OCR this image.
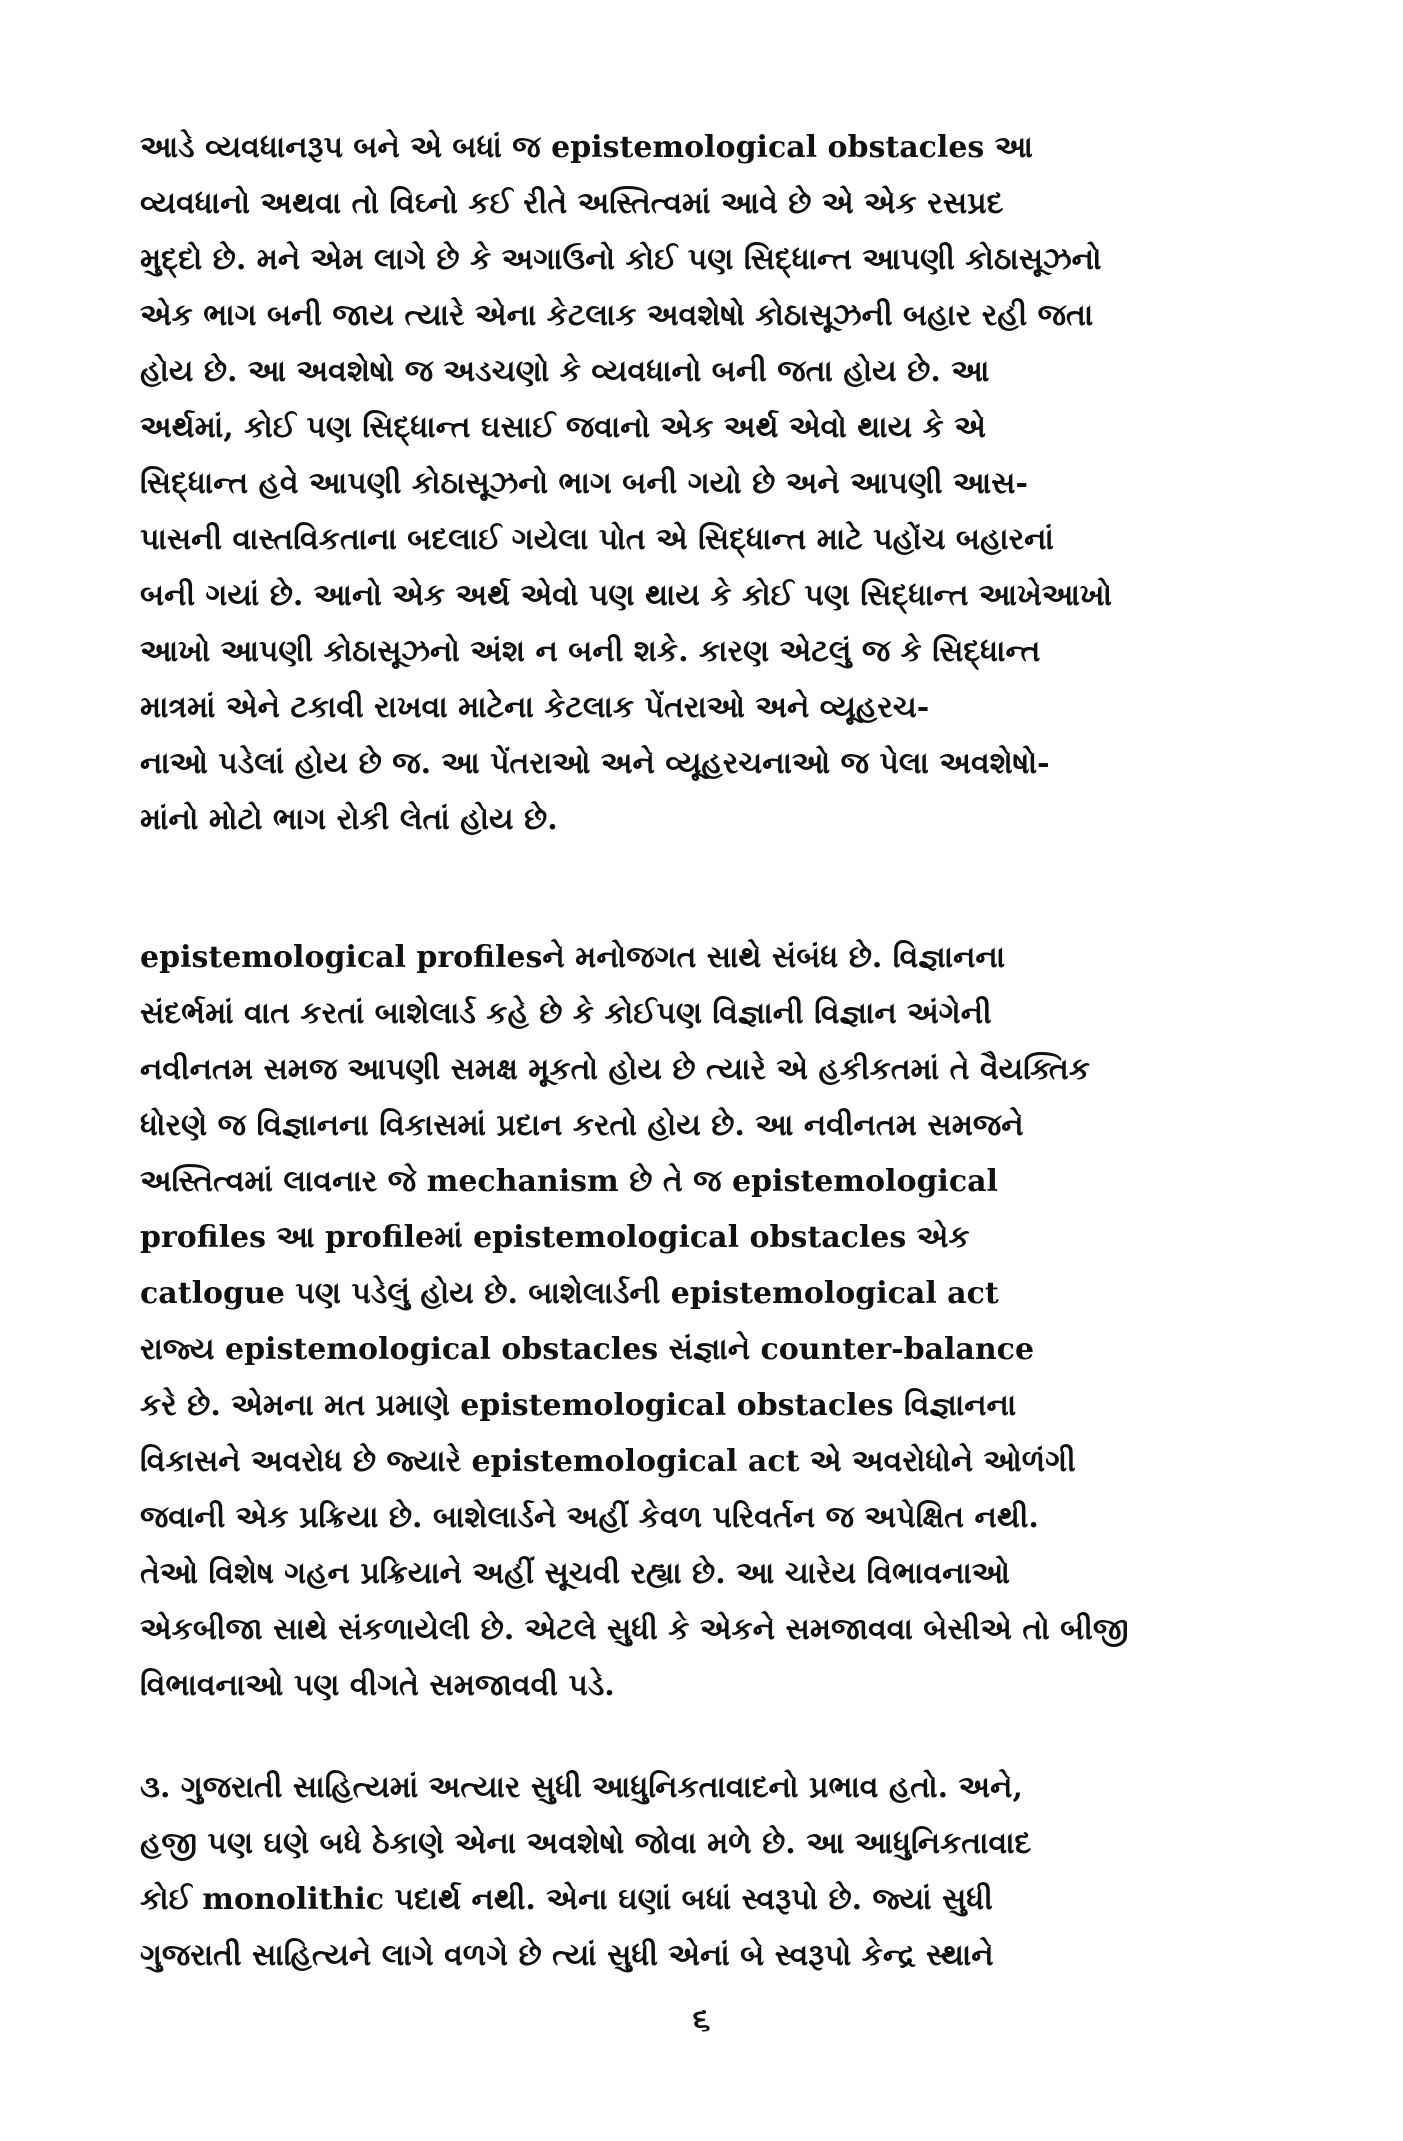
આડે વ્યવધાનરૂપ બને એ બધાં જ epistemological obstacles આ
વ્યવધાનો અથવા તો વિઘ્નો કઈ રીતે અસ્તિત્વમાં આવે છે એ એક રસપ્રદ
મુદ્દો છે. મને એમ લાગે છે કે અગાઉનો કોઈ પણ સિદ્ધાન્ત આપણી કોઠાસૂઝનો
એક ભાગ બની જાય ત્યારે એના કેટલાક અવશેષો કોઠાસૂઝની બહાર રહી જતા
હોય છે. આ અવશેષો જ અડચણો કે વ્યવધાનો બની જતા હોય છે. આ
અર્થમાં, કોઈ પણ સિદ્ધાન્ત ઘસાઈ જવાનો એક અર્થ એવો થાય કે એ
સિદ્ધાન્ત હવે આપણી કોઠાસૂઝનો ભાગ બની ગયો છે અને આપણી આસ-
પાસની વાસ્તવિકતાના બદલાઈ ગયેલા પોત એ સિદ્ધાન્ત માટે પહોંચ બહારનાં
બની ગયાં છે. આનો એક અર્થ એવો પણ થાય કે કોઈ પણ સિદ્ધાન્ત આખેઆખો
આખો આપણી કોઠાસૂઝનો અંશ ન બની શકે. કારણ એટલું જ કે સિદ્ધાન્ત
માત્રમાં એને ટકાવી રાખવા માટેના કેટલાક પેંતરાઓ અને વ્યૂહરચ-
નાઓ પડેલાં હોય છે જ. આ પેંતરાઓ અને વ્યૂહરચનાઓ જ પેલા અવશેષો-
માંનો મોટો ભાગ રોકી લેતાં હોય છે.
epistemological profilesને મનોજગત સાથે સંબંધ છે. વિજ્ઞાનના
સંદર્ભમાં વાત કરતાં બાશેલાર્ડ કહે છે કે કોઈપણ વિજ્ઞાની વિજ્ઞાન અંગેની
નવીનતમ સમજ આપણી સમક્ષ મૂકતો હોય છે ત્યારે એ હકીકતમાં તે વૈયક્તિક
ધોરણે જ વિજ્ઞાનના વિકાસમાં પ્રદાન કરતો હોય છે. આ નવીનતમ સમજને
અસ્તિત્વમાં લાવનાર જે mechanism છે તે જ epistemological
profiles આ profileમાં epistemological obstacles એક
catlogue પણ પડેલું હોય છે. બાશેલાર્ડની epistemological act
રાજ્ય epistemological obstacles સંજ્ઞાને counter-balance
કરે છે. એમના મત પ્રમાણે epistemological obstacles વિજ્ઞાનના
વિકાસને અવરોધ છે જ્યારે epistemological act એ અવરોધોને ઓળંગી
જવાની એક પ્રક્રિયા છે. બાશેલાર્ડને અહીં કેવળ પરિવર્તન જ અપેક્ષિત નથી.
તેઓ વિશેષ ગહન પ્રક્રિયાને અહીં સૂચવી રહ્યા છે. આ ચારેય વિભાવનાઓ
એકબીજા સાથે સંકળાયેલી છે. એટલે સુધી કે એકને સમજાવવા બેસીએ તો બીજી
વિભાવનાઓ પણ વીગતે સમજાવવી પડે.
૩. ગુજરાતી સાહિત્યમાં અત્યાર સુધી આધુનિકતાવાદનો પ્રભાવ હતો. અને,
હજી પણ ઘણે બધે ઠેકાણે એના અવશેષો જોવા મળે છે. આ આધુનિકતાવાદ
કોઈ monolithic પદાર્થ નથી. એના ઘણાં બધાં સ્વરૂપો છે. જ્યાં સુધી
ગુજરાતી સાહિત્યને લાગે વળગે છે ત્યાં સુધી એનાં બે સ્વરૂપો કેન્દ્ર સ્થાને
૬
